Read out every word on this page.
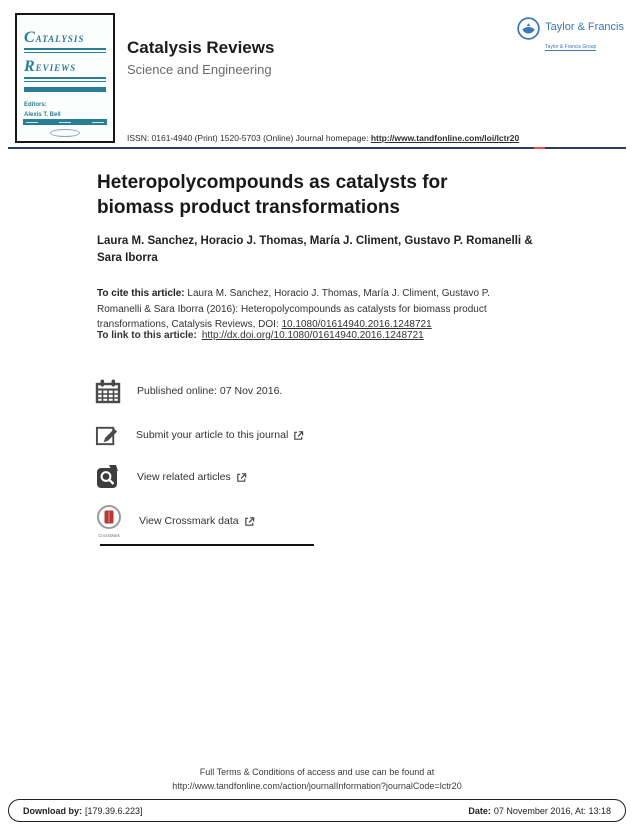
CATALYSIS
REVIEWS
Editors:
Alexis T. Bell
Catalysis Reviews
Science and Engineering
Taylor & Francis
Taylor & Francis Group
ISSN: 0161-4940 (Print) 1520-5703 (Online) Journal homepage: http://www.tandfonline.com/loi/lctr20
Heteropolycompounds as catalysts for biomass product transformations
Laura M. Sanchez, Horacio J. Thomas, María J. Climent, Gustavo P. Romanelli & Sara Iborra
To cite this article: Laura M. Sanchez, Horacio J. Thomas, María J. Climent, Gustavo P. Romanelli & Sara Iborra (2016): Heteropolycompounds as catalysts for biomass product transformations, Catalysis Reviews, DOI: 10.1080/01614940.2016.1248721
To link to this article: http://dx.doi.org/10.1080/01614940.2016.1248721
Published online: 07 Nov 2016.
Submit your article to this journal
View related articles
CrossMark
View Crossmark data
Full Terms & Conditions of access and use can be found at
http://www.tandfonline.com/action/journalInformation?journalCode=lctr20
Download by: [179.39.6.223]	Date: 07 November 2016, At: 13:18
